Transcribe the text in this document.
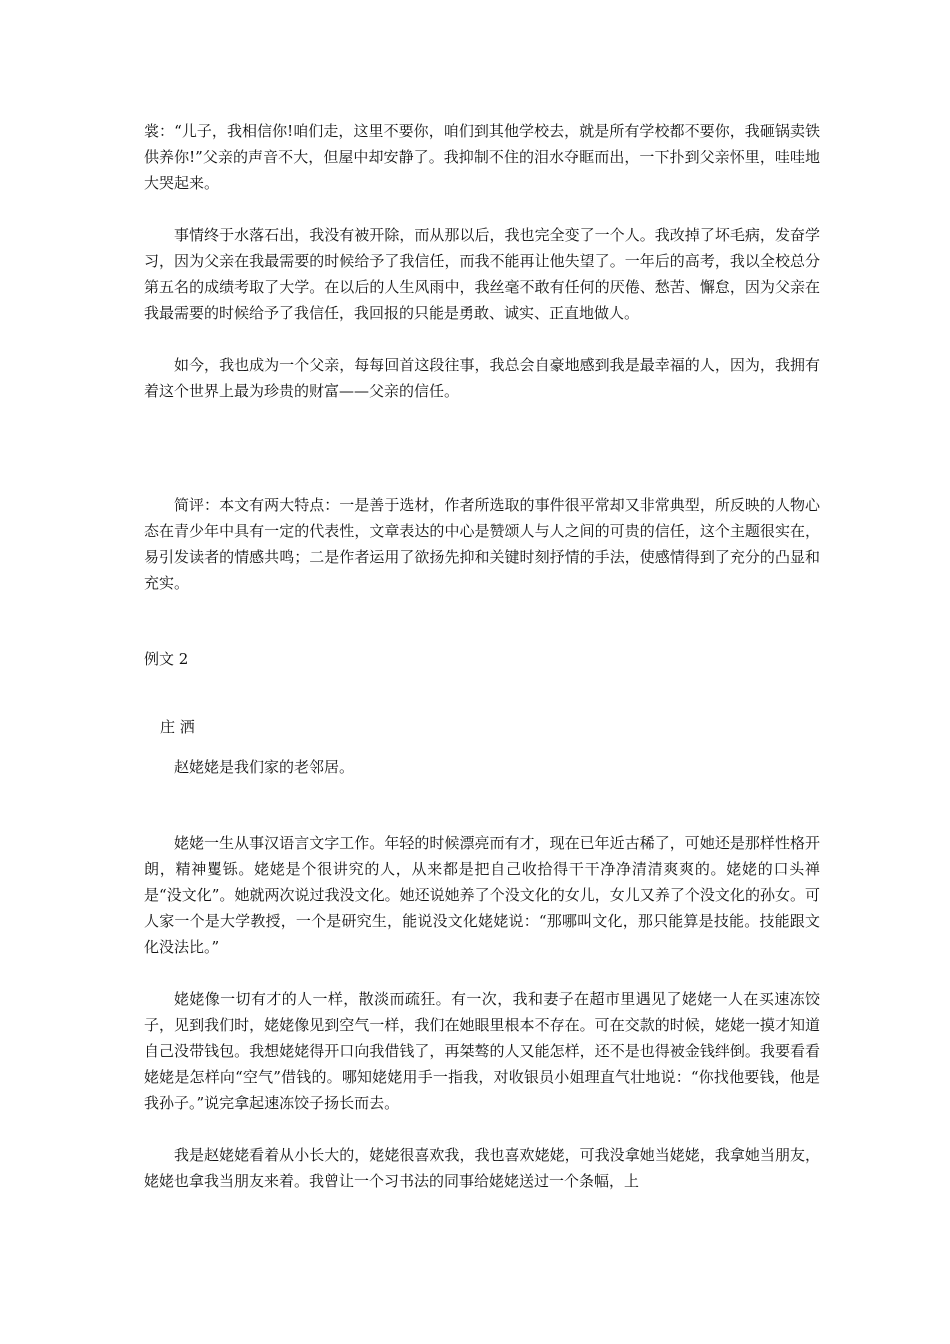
裳：“儿子，我相信你!咱们走，这里不要你，咱们到其他学校去，就是所有学校都不要你，我砸锅卖铁供养你!”父亲的声音不大，但屋中却安静了。我抑制不住的泪水夺眶而出，一下扑到父亲怀里，哇哇地大哭起来。

事情终于水落石出，我没有被开除，而从那以后，我也完全变了一个人。我改掉了坏毛病，发奋学习，因为父亲在我最需要的时候给予了我信任，而我不能再让他失望了。一年后的高考，我以全校总分第五名的成绩考取了大学。在以后的人生风雨中，我丝毫不敢有任何的厌倦、愁苦、懈怠，因为父亲在我最需要的时候给予了我信任，我回报的只能是勇敢、诚实、正直地做人。

如今，我也成为一个父亲，每每回首这段往事，我总会自豪地感到我是最幸福的人，因为，我拥有着这个世界上最为珍贵的财富——父亲的信任。

简评：本文有两大特点：一是善于选材，作者所选取的事件很平常却又非常典型，所反映的人物心态在青少年中具有一定的代表性，文章表达的中心是赞颂人与人之间的可贵的信任，这个主题很实在，易引发读者的情感共鸣；二是作者运用了欲扬先抑和关键时刻抒情的手法，使感情得到了充分的凸显和充实。

例文 2

庄 洒

赵姥姥是我们家的老邻居。

姥姥一生从事汉语言文字工作。年轻的时候漂亮而有才，现在已年近古稀了，可她还是那样性格开朗，精神矍铄。姥姥是个很讲究的人，从来都是把自己收拾得干干净净清清爽爽的。姥姥的口头禅是“没文化”。她就两次说过我没文化。她还说她养了个没文化的女儿，女儿又养了个没文化的孙女。可人家一个是大学教授，一个是研究生，能说没文化姥姥说：“那哪叫文化，那只能算是技能。技能跟文化没法比。”

姥姥像一切有才的人一样，散淡而疏狂。有一次，我和妻子在超市里遇见了姥姥一人在买速冻饺子，见到我们时，姥姥像见到空气一样，我们在她眼里根本不存在。可在交款的时候，姥姥一摸才知道自己没带钱包。我想姥姥得开口向我借钱了，再桀骜的人又能怎样，还不是也得被金钱绊倒。我要看看姥姥是怎样向“空气”借钱的。哪知姥姥用手一指我，对收银员小姐理直气壮地说：“你找他要钱，他是我孙子。”说完拿起速冻饺子扬长而去。

我是赵姥姥看着从小长大的，姥姥很喜欢我，我也喜欢姥姥，可我没拿她当姥姥，我拿她当朋友，姥姥也拿我当朋友来着。我曾让一个习书法的同事给姥姥送过一个条幅，上
